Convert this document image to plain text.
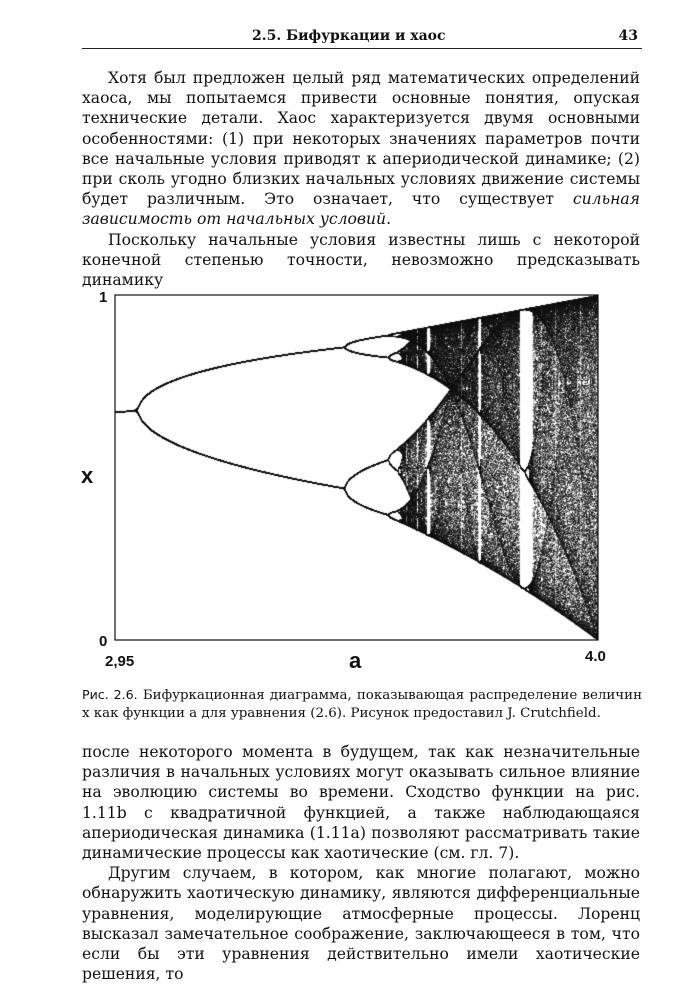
2.5. Бифуркации и хаос	43

Хотя был предложен целый ряд математических определений хаоса, мы попытаемся привести основные понятия, опуская технические детали. Хаос характеризуется двумя основными особенностями: (1) при некоторых значениях параметров почти все начальные условия приводят к апериодической динамике; (2) при сколь угодно близких начальных условиях движение системы будет различным. Это означает, что существует сильная зависимость от начальных условий.

Поскольку начальные условия известны лишь с некоторой конечной степенью точности, невозможно предсказывать динамику

1
0
x
2,95	4.0
a
Рис. 2.6. Бифуркационная диаграмма, показывающая распределение величин x как функции a для уравнения (2.6). Рисунок предоставил J. Crutchfield.

после некоторого момента в будущем, так как незначительные различия в начальных условиях могут оказывать сильное влияние на эволюцию системы во времени. Сходство функции на рис. 1.11b с квадратичной функцией, а также наблюдающаяся апериодическая динамика (1.11a) позволяют рассматривать такие динамические процессы как хаотические (см. гл. 7).

Другим случаем, в котором, как многие полагают, можно обнаружить хаотическую динамику, являются дифференциальные уравнения, моделирующие атмосферные процессы. Лоренц высказал замечательное соображение, заключающееся в том, что если бы эти уравнения действительно имели хаотические решения, то
